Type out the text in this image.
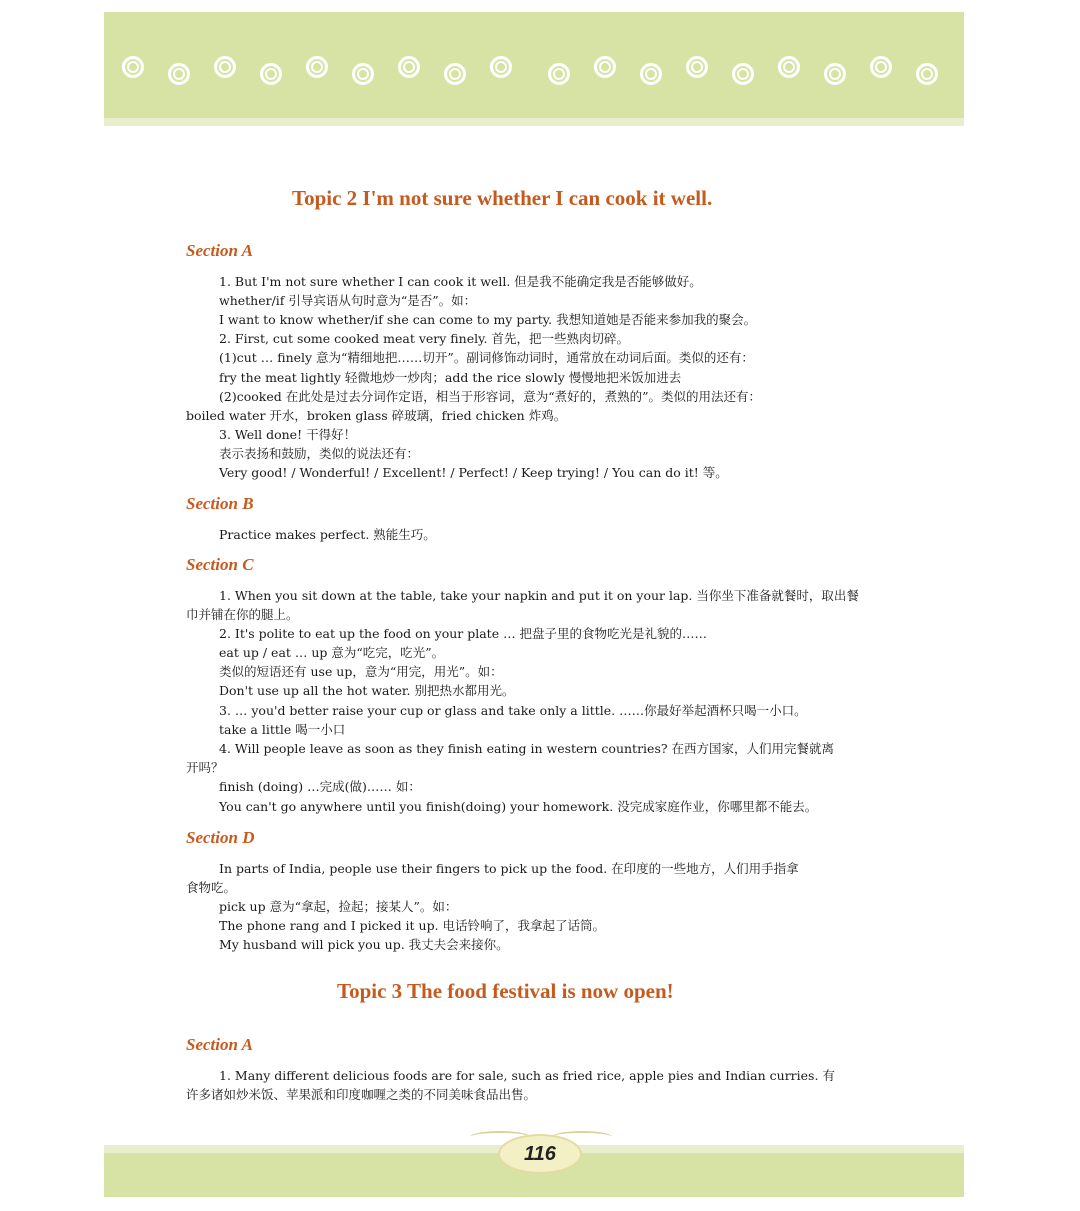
Topic 2 I'm not sure whether I can cook it well.
Section A
1. But I'm not sure whether I can cook it well. 但是我不能确定我是否能够做好。
whether/if 引导宾语从句时意为“是否”。如：
I want to know whether/if she can come to my party. 我想知道她是否能来参加我的聚会。
2. First, cut some cooked meat very finely. 首先，把一些熟肉切碎。
(1)cut … finely 意为“精细地把……切开”。副词修饰动词时，通常放在动词后面。类似的还有：
fry the meat lightly 轻微地炒一炒肉；add the rice slowly 慢慢地把米饭加进去
(2)cooked 在此处是过去分词作定语，相当于形容词，意为“煮好的，煮熟的”。类似的用法还有：
boiled water 开水，broken glass 碎玻璃，fried chicken 炸鸡。
3. Well done! 干得好！
表示表扬和鼓励，类似的说法还有：
Very good! / Wonderful! / Excellent! / Perfect! / Keep trying! / You can do it! 等。
Section B
Practice makes perfect. 熟能生巧。
Section C
1. When you sit down at the table, take your napkin and put it on your lap. 当你坐下准备就餐时，取出餐
巾并铺在你的腿上。
2. It's polite to eat up the food on your plate … 把盘子里的食物吃光是礼貌的……
eat up / eat … up 意为“吃完，吃光”。
类似的短语还有 use up，意为“用完，用光”。如：
Don't use up all the hot water. 别把热水都用光。
3. … you'd better raise your cup or glass and take only a little. ……你最好举起酒杯只喝一小口。
take a little 喝一小口
4. Will people leave as soon as they finish eating in western countries? 在西方国家，人们用完餐就离
开吗？
finish (doing) …完成(做)…… 如：
You can't go anywhere until you finish(doing) your homework. 没完成家庭作业，你哪里都不能去。
Section D
In parts of India, people use their fingers to pick up the food. 在印度的一些地方，人们用手指拿
食物吃。
pick up 意为“拿起，捡起；接某人”。如：
The phone rang and I picked it up. 电话铃响了，我拿起了话筒。
My husband will pick you up. 我丈夫会来接你。
Topic 3 The food festival is now open!
Section A
1. Many different delicious foods are for sale, such as fried rice, apple pies and Indian curries. 有
许多诸如炒米饭、苹果派和印度咖喱之类的不同美味食品出售。
116
